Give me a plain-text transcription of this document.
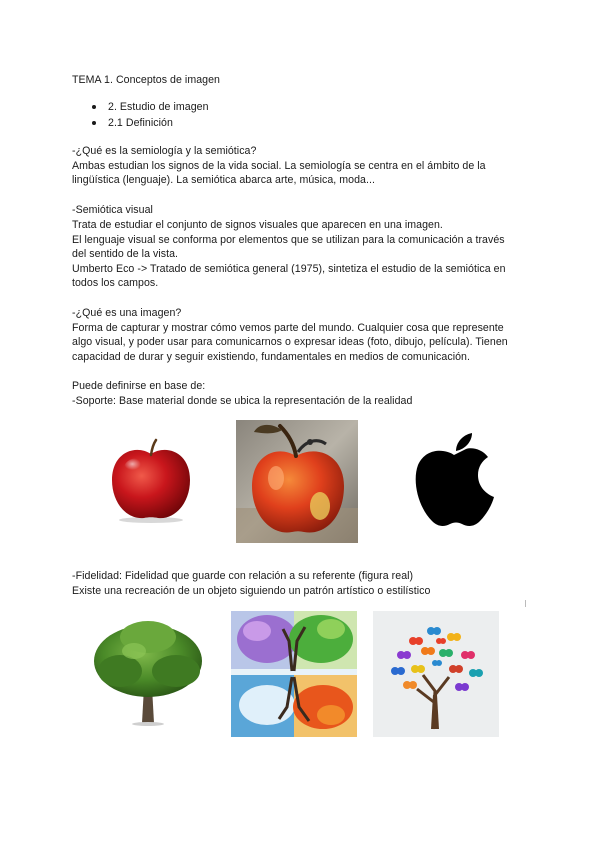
TEMA 1. Conceptos de imagen
2. Estudio de imagen
2.1 Definición
-¿Qué es la semiología y la semiótica?
Ambas estudian los signos de la vida social. La semiología se centra en el ámbito de la
lingüística (lenguaje). La semiótica abarca arte, música, moda...
-Semiótica visual
Trata de estudiar el conjunto de signos visuales que aparecen en una imagen.
El lenguaje visual se conforma por elementos que se utilizan para la comunicación a través
del sentido de la vista.
Umberto Eco -> Tratado de semiótica general (1975), sintetiza el estudio de la semiótica en
todos los campos.
-¿Qué es una imagen?
Forma de capturar y mostrar cómo vemos parte del mundo. Cualquier cosa que represente
algo visual, y poder usar para comunicarnos o expresar ideas (foto, dibujo, película). Tienen
capacidad de durar y seguir existiendo, fundamentales en medios de comunicación.
Puede definirse en base de:
-Soporte: Base material donde se ubica la representación de la realidad
-Fidelidad: Fidelidad que guarde con relación a su referente (figura real)
Existe una recreación de un objeto siguiendo un patrón artístico o estilístico
